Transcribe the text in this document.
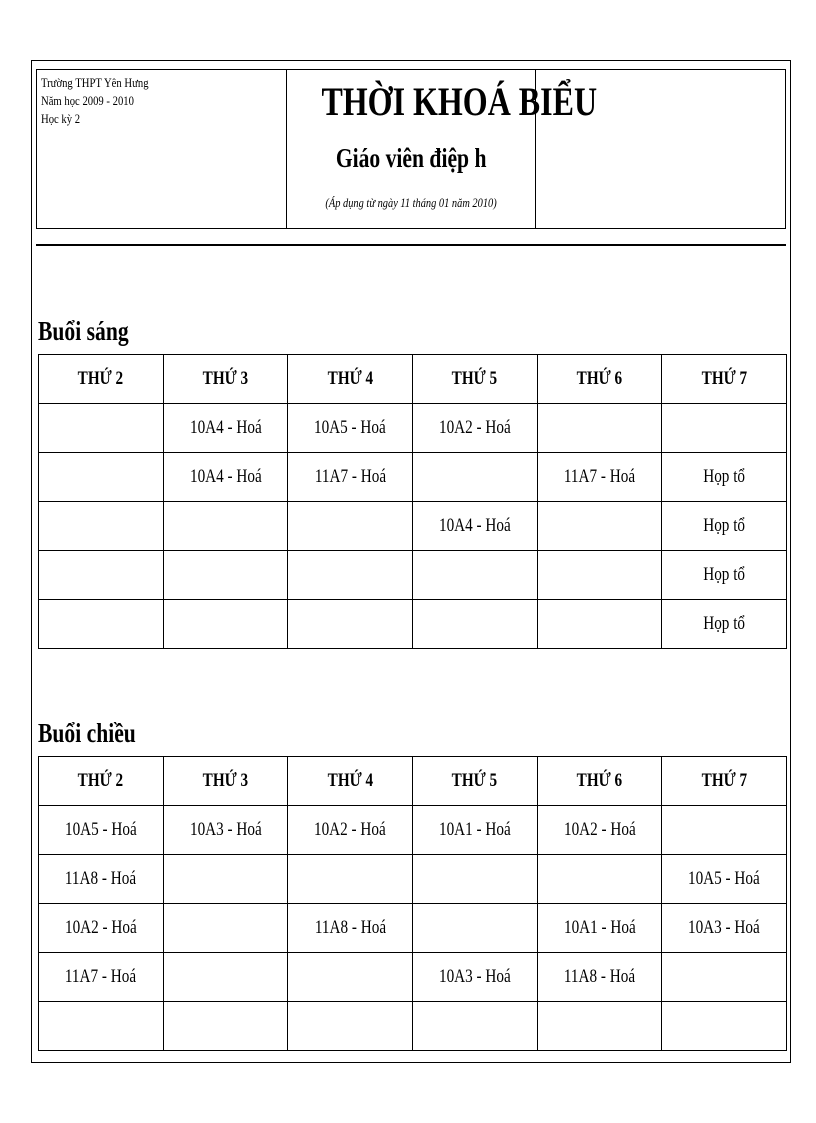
Trường THPT Yên Hưng
Năm học 2009 - 2010
Học kỳ 2	THỜI KHOÁ BIỂU
Giáo viên điệp h
(Áp dụng từ ngày 11 tháng 01 năm 2010)
Buổi sáng
THỨ 2	THỨ 3	THỨ 4	THỨ 5	THỨ 6	THỨ 7
	10A4 - Hoá	10A5 - Hoá	10A2 - Hoá		
	10A4 - Hoá	11A7 - Hoá		11A7 - Hoá	Họp tổ
			10A4 - Hoá		Họp tổ
					Họp tổ
					Họp tổ
Buổi chiều
THỨ 2	THỨ 3	THỨ 4	THỨ 5	THỨ 6	THỨ 7
10A5 - Hoá	10A3 - Hoá	10A2 - Hoá	10A1 - Hoá	10A2 - Hoá	
11A8 - Hoá					10A5 - Hoá
10A2 - Hoá		11A8 - Hoá		10A1 - Hoá	10A3 - Hoá
11A7 - Hoá			10A3 - Hoá	11A8 - Hoá	
